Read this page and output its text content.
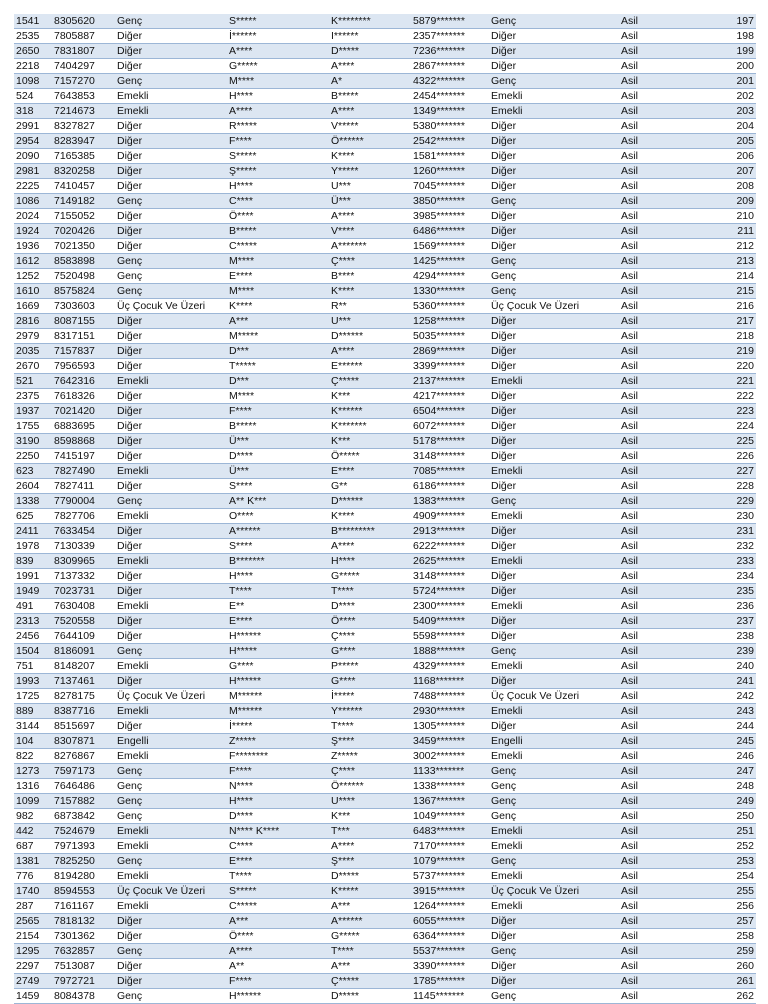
1541	8305620	Genç	S*****	K********	5879*******	Genç	Asil	197
2535	7805887	Diğer	İ******	I******	2357*******	Diğer	Asil	198
2650	7831807	Diğer	A****	D*****	7236*******	Diğer	Asil	199
2218	7404297	Diğer	G*****	A****	2867*******	Diğer	Asil	200
1098	7157270	Genç	M****	A*	4322*******	Genç	Asil	201
524	7643853	Emekli	H****	B*****	2454*******	Emekli	Asil	202
318	7214673	Emekli	A****	A****	1349*******	Emekli	Asil	203
2991	8327827	Diğer	R*****	V*****	5380*******	Diğer	Asil	204
2954	8283947	Diğer	F****	Ö******	2542*******	Diğer	Asil	205
2090	7165385	Diğer	S*****	K****	1581*******	Diğer	Asil	206
2981	8320258	Diğer	Ş*****	Y*****	1260*******	Diğer	Asil	207
2225	7410457	Diğer	H****	U***	7045*******	Diğer	Asil	208
1086	7149182	Genç	C****	Ü***	3850*******	Genç	Asil	209
2024	7155052	Diğer	Ö****	A****	3985*******	Diğer	Asil	210
1924	7020426	Diğer	B*****	V****	6486*******	Diğer	Asil	211
1936	7021350	Diğer	C*****	A*******	1569*******	Diğer	Asil	212
1612	8583898	Genç	M****	Ç****	1425*******	Genç	Asil	213
1252	7520498	Genç	E****	B****	4294*******	Genç	Asil	214
1610	8575824	Genç	M****	K****	1330*******	Genç	Asil	215
1669	7303603	Üç Çocuk Ve Üzeri	K****	R**	5360*******	Üç Çocuk Ve Üzeri	Asil	216
2816	8087155	Diğer	A***	U***	1258*******	Diğer	Asil	217
2979	8317151	Diğer	M*****	D******	5035*******	Diğer	Asil	218
2035	7157837	Diğer	D***	A****	2869*******	Diğer	Asil	219
2670	7956593	Diğer	T*****	E******	3399*******	Diğer	Asil	220
521	7642316	Emekli	D***	Ç*****	2137*******	Emekli	Asil	221
2375	7618326	Diğer	M****	K***	4217*******	Diğer	Asil	222
1937	7021420	Diğer	F****	K******	6504*******	Diğer	Asil	223
1755	6883695	Diğer	B*****	K*******	6072*******	Diğer	Asil	224
3190	8598868	Diğer	Ü***	K***	5178*******	Diğer	Asil	225
2250	7415197	Diğer	D****	Ö*****	3148*******	Diğer	Asil	226
623	7827490	Emekli	Ü***	E****	7085*******	Emekli	Asil	227
2604	7827411	Diğer	S****	G**	6186*******	Diğer	Asil	228
1338	7790004	Genç	A** K***	D******	1383*******	Genç	Asil	229
625	7827706	Emekli	O****	K****	4909*******	Emekli	Asil	230
2411	7633454	Diğer	A******	B*********	2913*******	Diğer	Asil	231
1978	7130339	Diğer	S****	A****	6222*******	Diğer	Asil	232
839	8309965	Emekli	B*******	H****	2625*******	Emekli	Asil	233
1991	7137332	Diğer	H****	G*****	3148*******	Diğer	Asil	234
1949	7023731	Diğer	T****	T****	5724*******	Diğer	Asil	235
491	7630408	Emekli	E**	D****	2300*******	Emekli	Asil	236
2313	7520558	Diğer	E****	Ö****	5409*******	Diğer	Asil	237
2456	7644109	Diğer	H******	Ç****	5598*******	Diğer	Asil	238
1504	8186091	Genç	H*****	G****	1888*******	Genç	Asil	239
751	8148207	Emekli	G****	P*****	4329*******	Emekli	Asil	240
1993	7137461	Diğer	H******	G****	1168*******	Diğer	Asil	241
1725	8278175	Üç Çocuk Ve Üzeri	M******	İ*****	7488*******	Üç Çocuk Ve Üzeri	Asil	242
889	8387716	Emekli	M******	Y******	2930*******	Emekli	Asil	243
3144	8515697	Diğer	İ*****	T****	1305*******	Diğer	Asil	244
104	8307871	Engelli	Z*****	Ş****	3459*******	Engelli	Asil	245
822	8276867	Emekli	F********	Z*****	3002*******	Emekli	Asil	246
1273	7597173	Genç	F****	Ç****	1133*******	Genç	Asil	247
1316	7646486	Genç	N****	Ö******	1338*******	Genç	Asil	248
1099	7157882	Genç	H****	U****	1367*******	Genç	Asil	249
982	6873842	Genç	D****	K***	1049*******	Genç	Asil	250
442	7524679	Emekli	N**** K****	T***	6483*******	Emekli	Asil	251
687	7971393	Emekli	C****	A****	7170*******	Emekli	Asil	252
1381	7825250	Genç	E****	Ş****	1079*******	Genç	Asil	253
776	8194280	Emekli	T****	D*****	5737*******	Emekli	Asil	254
1740	8594553	Üç Çocuk Ve Üzeri	S*****	K*****	3915*******	Üç Çocuk Ve Üzeri	Asil	255
287	7161167	Emekli	C*****	A***	1264*******	Emekli	Asil	256
2565	7818132	Diğer	A***	A******	6055*******	Diğer	Asil	257
2154	7301362	Diğer	Ö****	G*****	6364*******	Diğer	Asil	258
1295	7632857	Genç	A****	T****	5537*******	Genç	Asil	259
2297	7513087	Diğer	A**	A***	3390*******	Diğer	Asil	260
2749	7972721	Diğer	F****	Ç*****	1785*******	Diğer	Asil	261
1459	8084378	Genç	H******	D*****	1145*******	Genç	Asil	262
